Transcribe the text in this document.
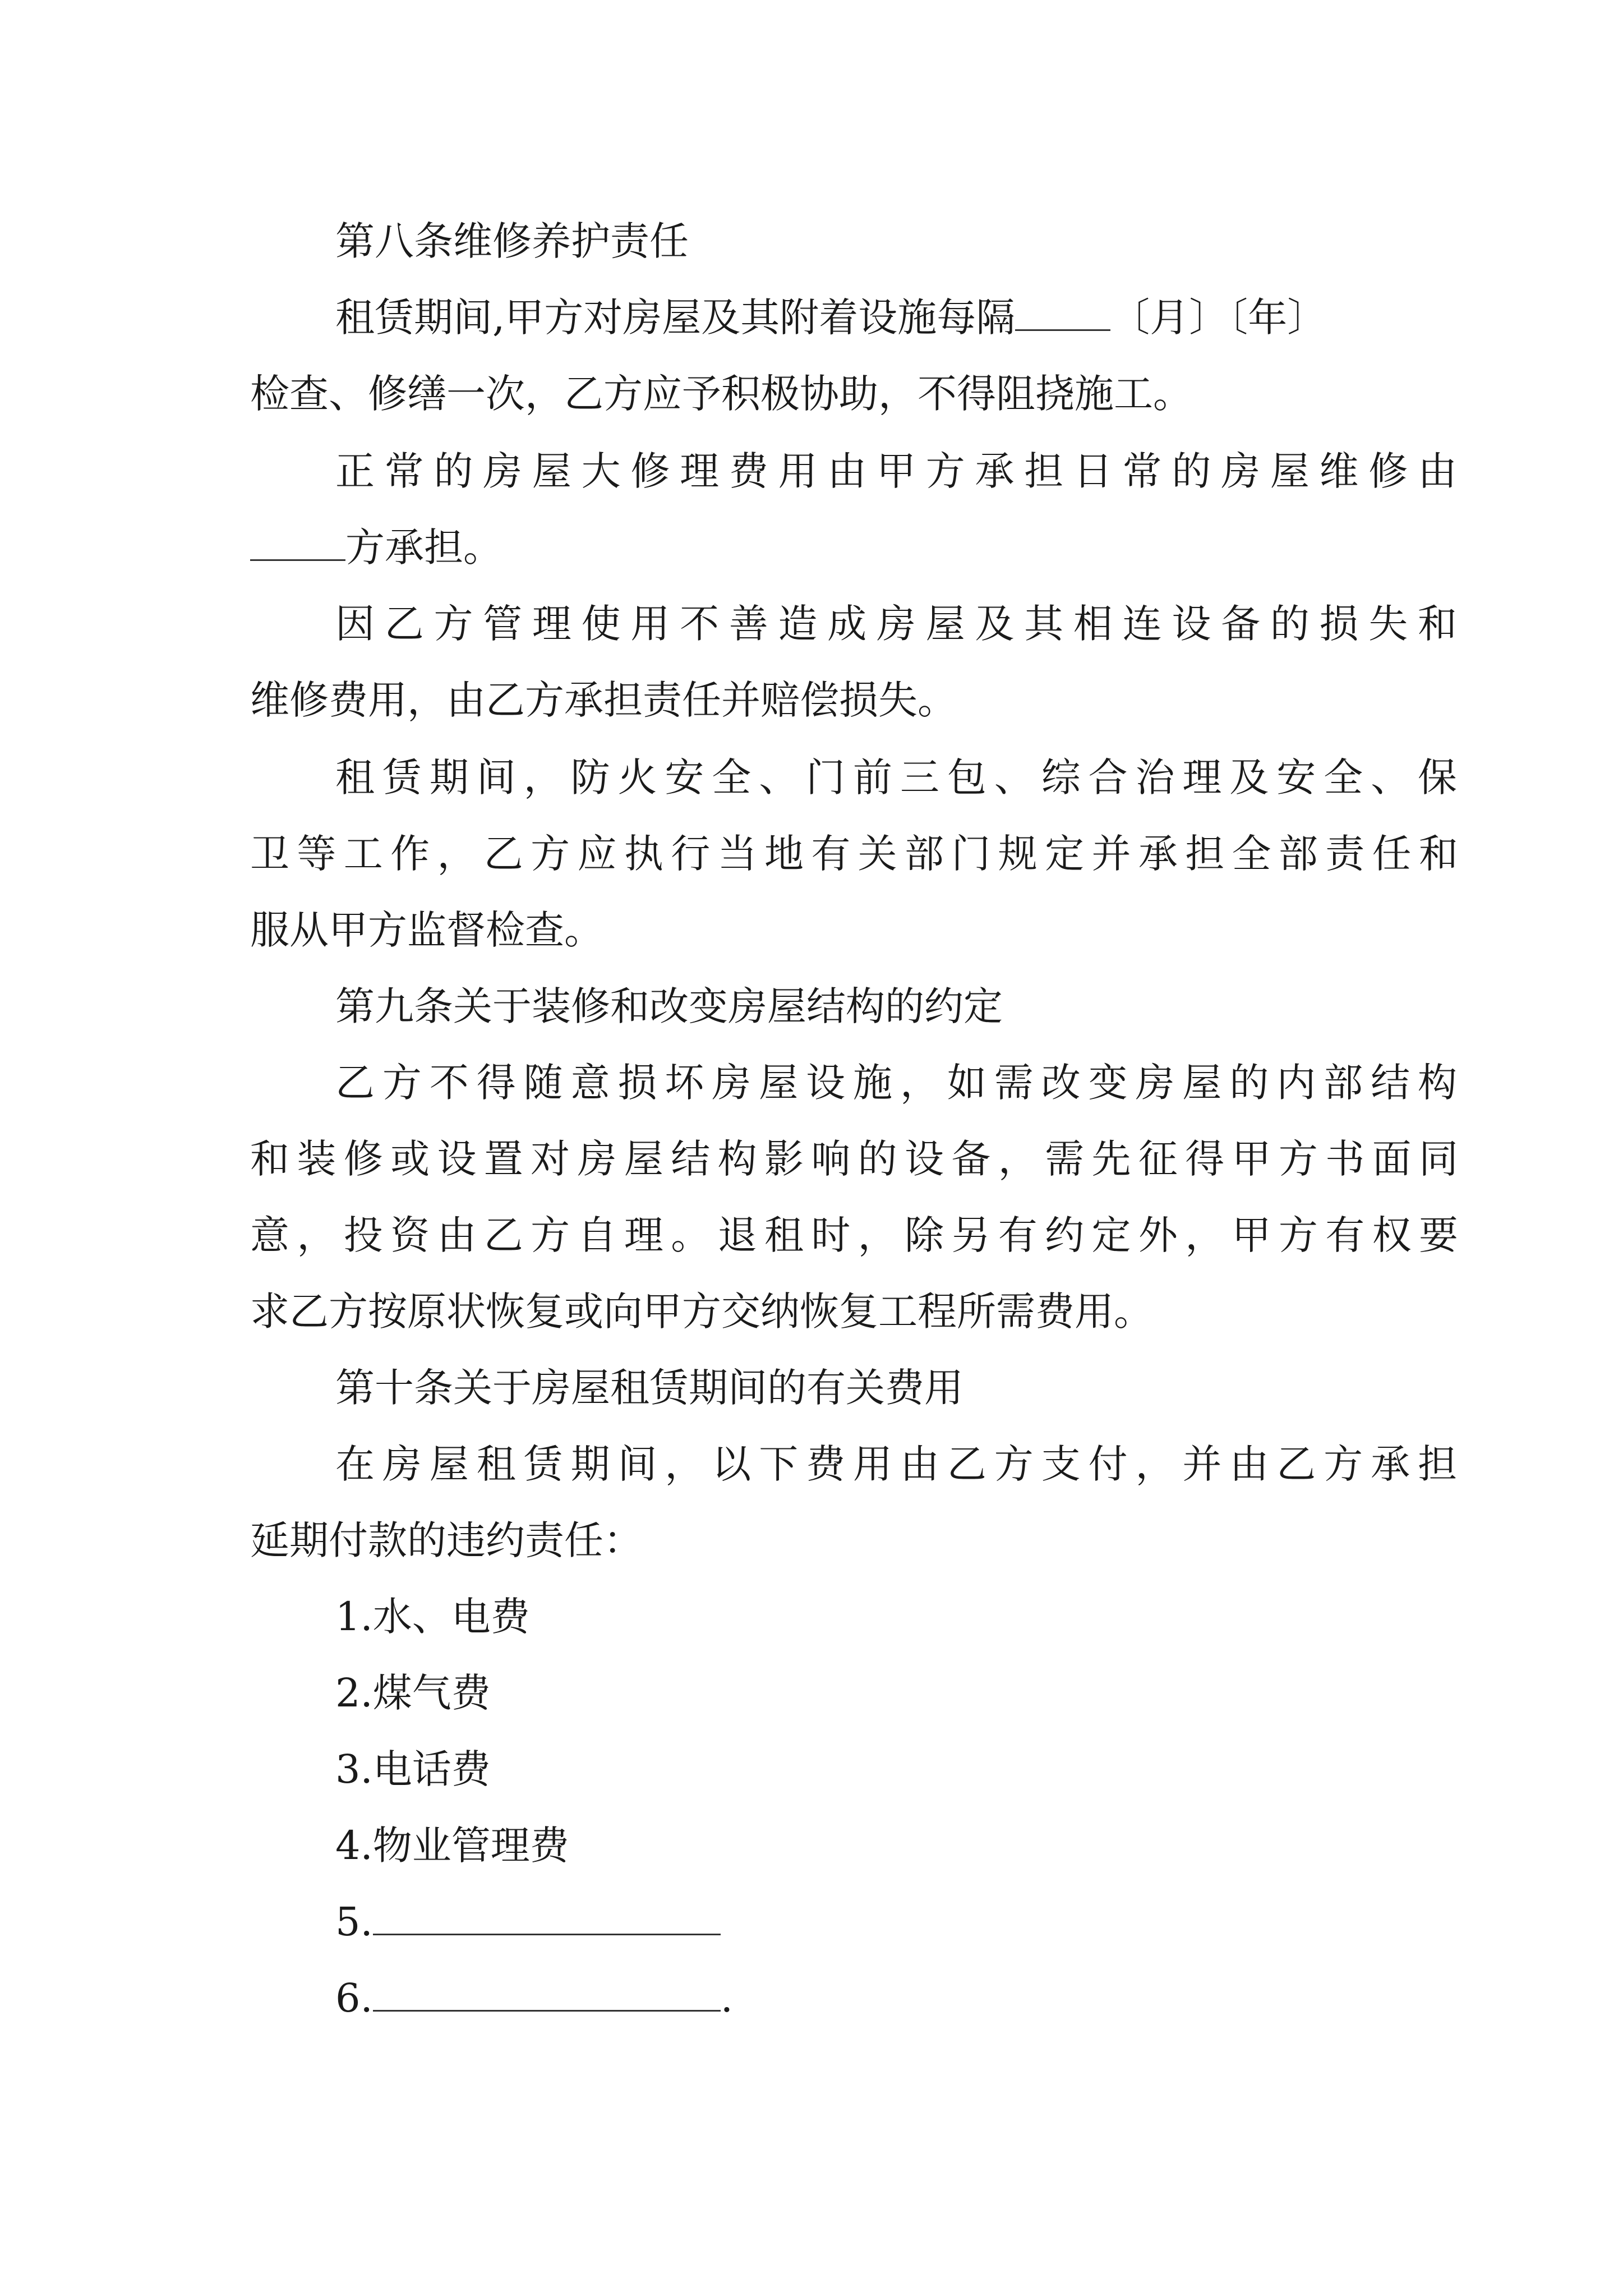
第八条维修养护责任

租赁期间,甲方对房屋及其附着设施每隔 〔月〕〔年〕

检查、修缮一次，乙方应予积极协助，不得阻挠施工。

正常的房屋大修理费用由甲方承担日常的房屋维修由

方承担。

因乙方管理使用不善造成房屋及其相连设备的损失和

维修费用，由乙方承担责任并赔偿损失。

租赁期间，防火安全、门前三包、综合治理及安全、保

卫等工作，乙方应执行当地有关部门规定并承担全部责任和

服从甲方监督检查。

第九条关于装修和改变房屋结构的约定

乙方不得随意损坏房屋设施，如需改变房屋的内部结构

和装修或设置对房屋结构影响的设备，需先征得甲方书面同

意，投资由乙方自理。退租时，除另有约定外，甲方有权要

求乙方按原状恢复或向甲方交纳恢复工程所需费用。

第十条关于房屋租赁期间的有关费用

在房屋租赁期间，以下费用由乙方支付，并由乙方承担

延期付款的违约责任：

1.水、电费

2.煤气费

3.电话费

4.物业管理费

5.

6.	.
